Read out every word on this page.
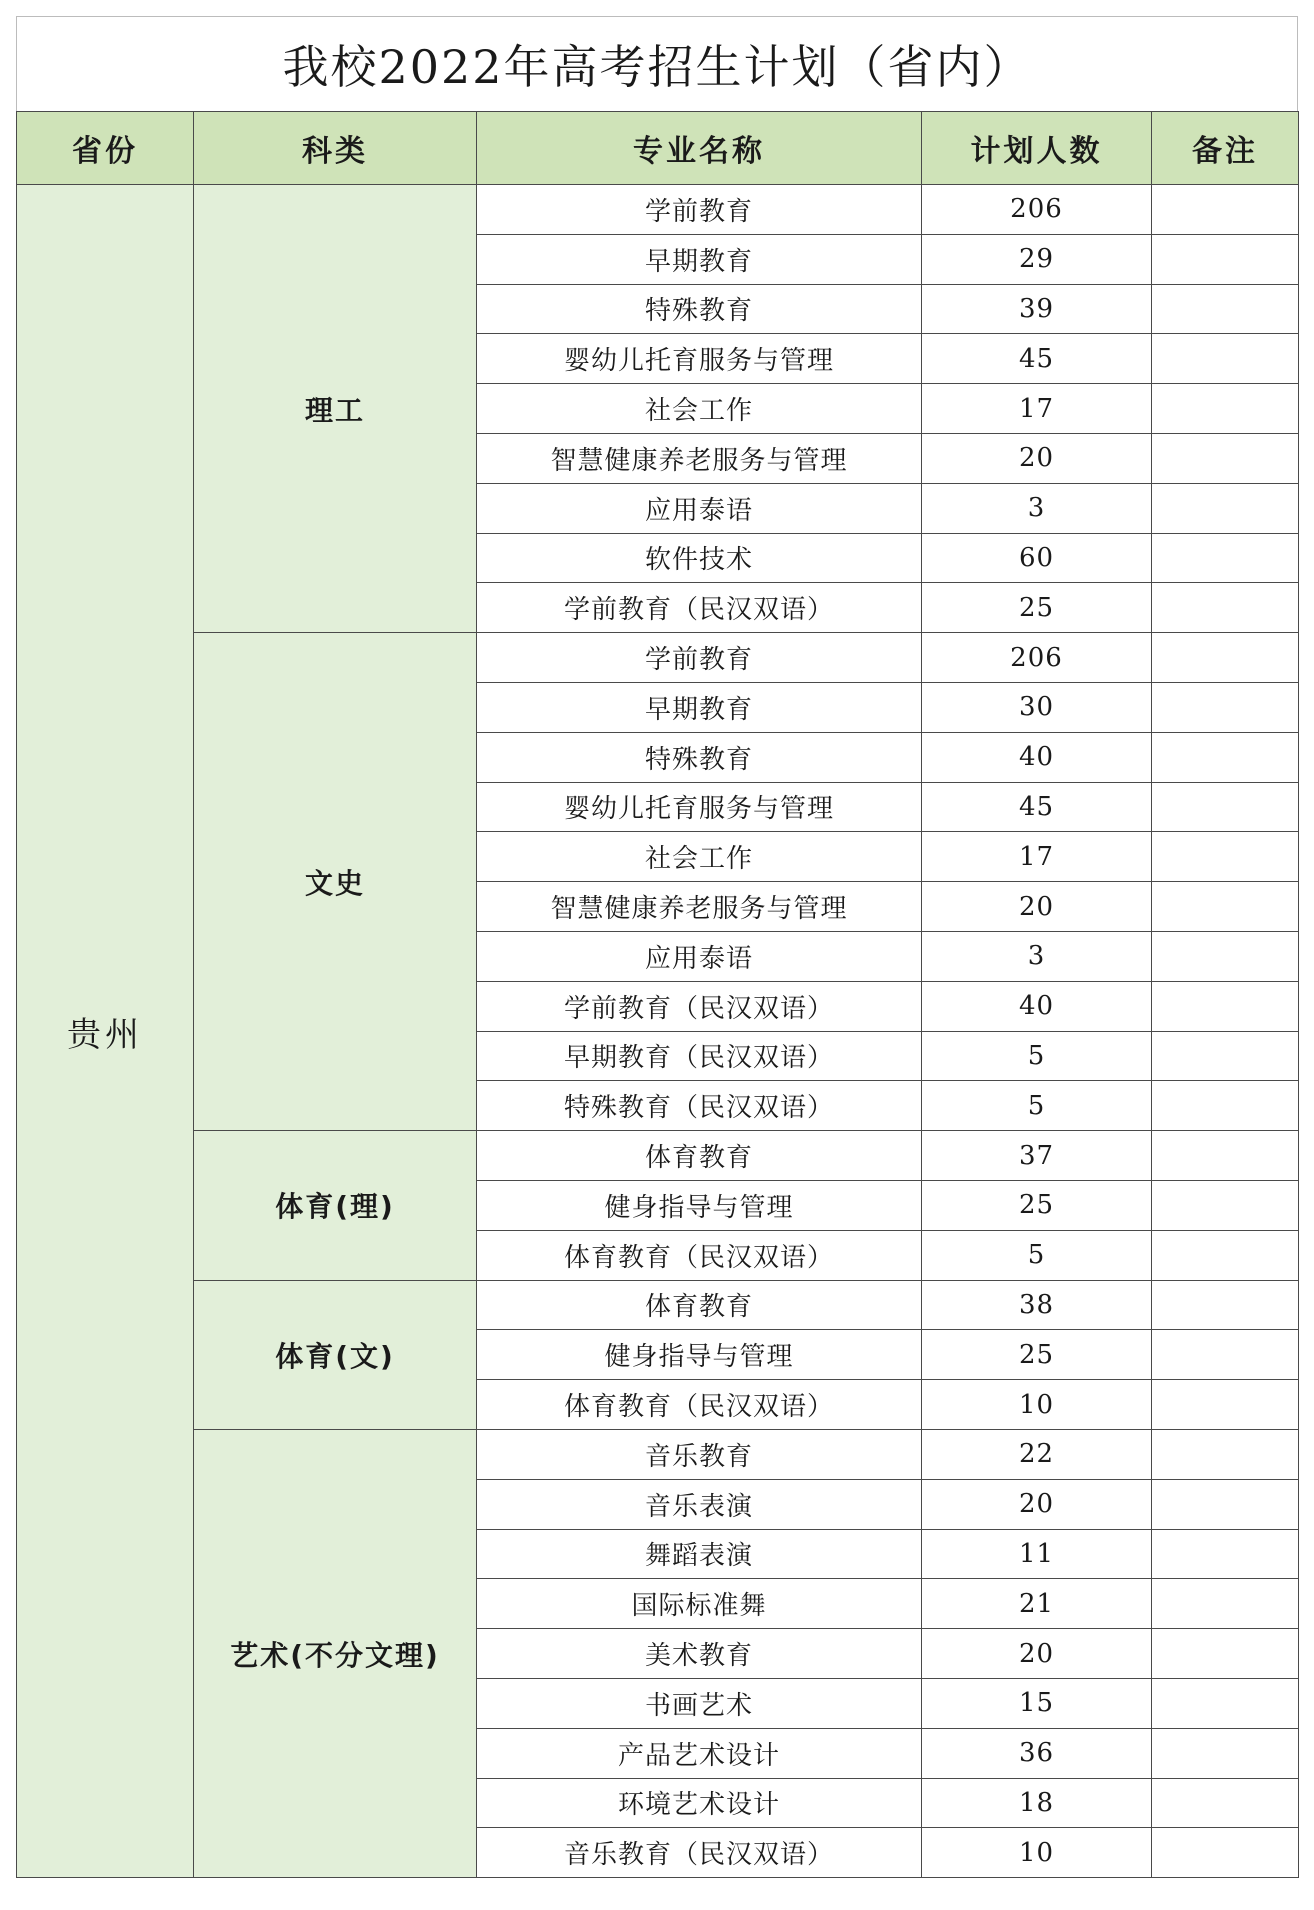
我校2022年高考招生计划（省内）
省份	科类	专业名称	计划人数	备注
贵州	理工	学前教育	206	
		早期教育	29	
		特殊教育	39	
		婴幼儿托育服务与管理	45	
		社会工作	17	
		智慧健康养老服务与管理	20	
		应用泰语	3	
		软件技术	60	
		学前教育（民汉双语）	25	
	文史	学前教育	206	
		早期教育	30	
		特殊教育	40	
		婴幼儿托育服务与管理	45	
		社会工作	17	
		智慧健康养老服务与管理	20	
		应用泰语	3	
		学前教育（民汉双语）	40	
		早期教育（民汉双语）	5	
		特殊教育（民汉双语）	5	
	体育(理)	体育教育	37	
		健身指导与管理	25	
		体育教育（民汉双语）	5	
	体育(文)	体育教育	38	
		健身指导与管理	25	
		体育教育（民汉双语）	10	
	艺术(不分文理)	音乐教育	22	
		音乐表演	20	
		舞蹈表演	11	
		国际标准舞	21	
		美术教育	20	
		书画艺术	15	
		产品艺术设计	36	
		环境艺术设计	18	
		音乐教育（民汉双语）	10	
